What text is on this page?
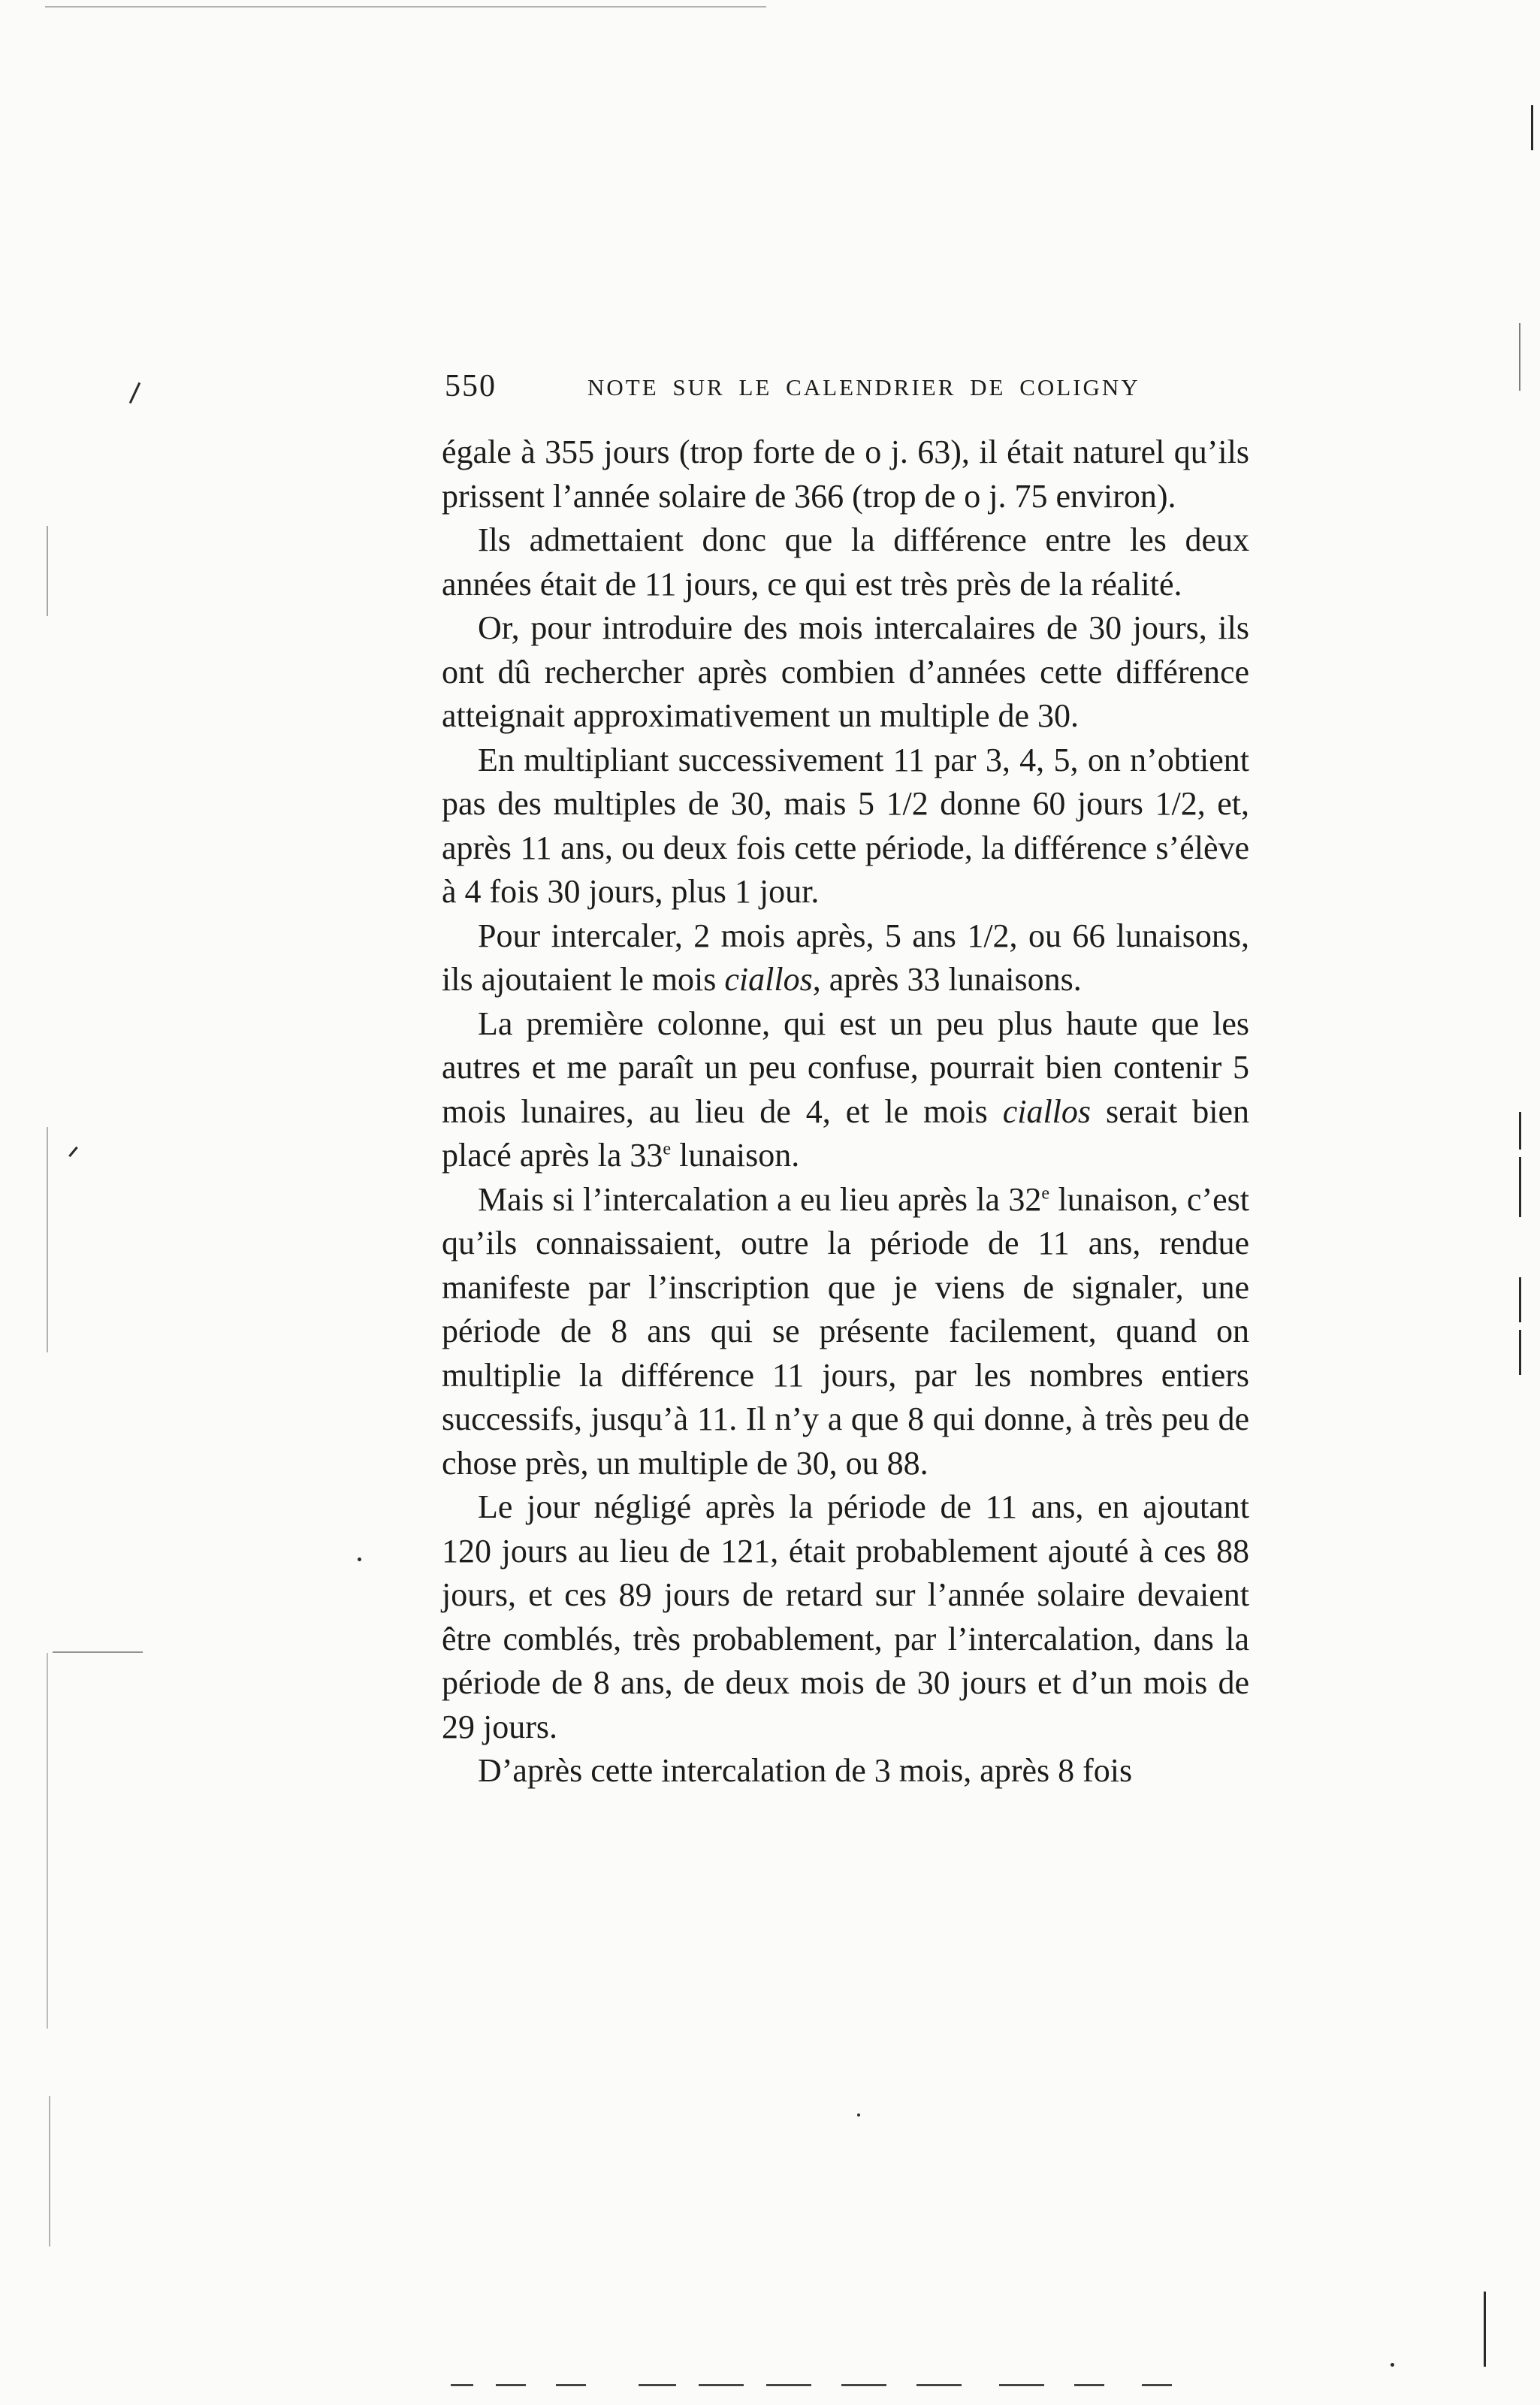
550	NOTE SUR LE CALENDRIER DE COLIGNY

égale à 355 jours (trop forte de o j. 63), il était naturel qu’ils prissent l’année solaire de 366 (trop de o j. 75 environ).

Ils admettaient donc que la différence entre les deux années était de 11 jours, ce qui est très près de la réalité.

Or, pour introduire des mois intercalaires de 30 jours, ils ont dû rechercher après combien d’années cette différence atteignait approximativement un multiple de 30.

En multipliant successivement 11 par 3, 4, 5, on n’obtient pas des multiples de 30, mais 5 1/2 donne 60 jours 1/2, et, après 11 ans, ou deux fois cette période, la différence s’élève à 4 fois 30 jours, plus 1 jour.

Pour intercaler, 2 mois après, 5 ans 1/2, ou 66 lunaisons, ils ajoutaient le mois ciallos, après 33 lunaisons.

La première colonne, qui est un peu plus haute que les autres et me paraît un peu confuse, pourrait bien contenir 5 mois lunaires, au lieu de 4, et le mois ciallos serait bien placé après la 33e lunaison.

Mais si l’intercalation a eu lieu après la 32e lunaison, c’est qu’ils connaissaient, outre la période de 11 ans, rendue manifeste par l’inscription que je viens de signaler, une période de 8 ans qui se présente facilement, quand on multiplie la différence 11 jours, par les nombres entiers successifs, jusqu’à 11. Il n’y a que 8 qui donne, à très peu de chose près, un multiple de 30, ou 88.

Le jour négligé après la période de 11 ans, en ajoutant 120 jours au lieu de 121, était probablement ajouté à ces 88 jours, et ces 89 jours de retard sur l’année solaire devaient être comblés, très probablement, par l’intercalation, dans la période de 8 ans, de deux mois de 30 jours et d’un mois de 29 jours.

D’après cette intercalation de 3 mois, après 8 fois
